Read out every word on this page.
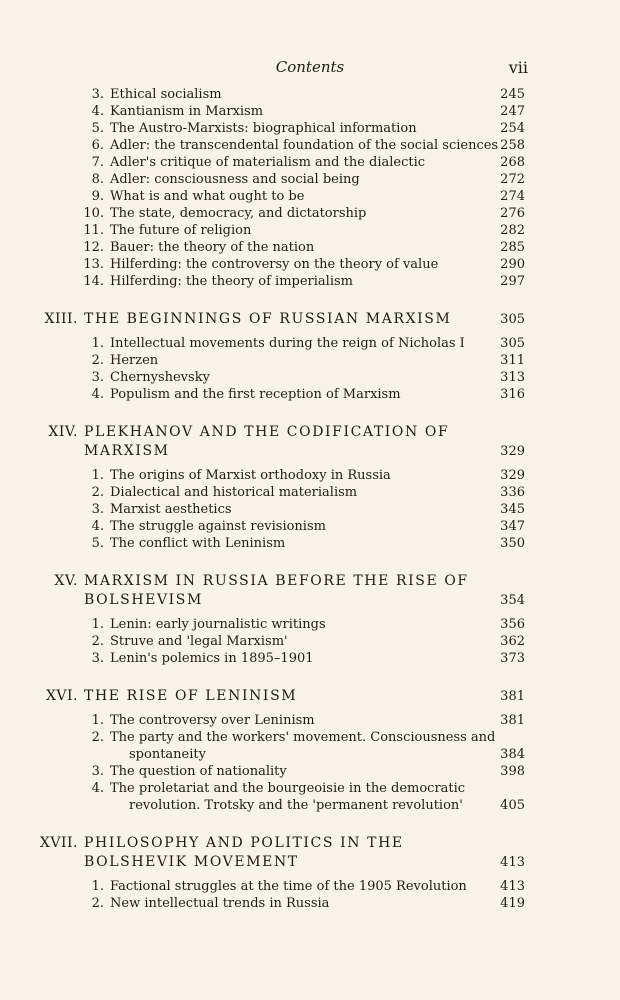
Contents	vii
3. Ethical socialism	245
4. Kantianism in Marxism	247
5. The Austro-Marxists: biographical information	254
6. Adler: the transcendental foundation of the social sciences 258
7. Adler's critique of materialism and the dialectic	268
8. Adler: consciousness and social being	272
9. What is and what ought to be	274
10. The state, democracy, and dictatorship	276
11. The future of religion	282
12. Bauer: the theory of the nation	285
13. Hilferding: the controversy on the theory of value	290
14. Hilferding: the theory of imperialism	297
XIII. THE BEGINNINGS OF RUSSIAN MARXISM	305
1. Intellectual movements during the reign of Nicholas I	305
2. Herzen	311
3. Chernyshevsky	313
4. Populism and the first reception of Marxism	316
XIV. PLEKHANOV AND THE CODIFICATION OF
MARXISM	329
1. The origins of Marxist orthodoxy in Russia	329
2. Dialectical and historical materialism	336
3. Marxist aesthetics	345
4. The struggle against revisionism	347
5. The conflict with Leninism	350
XV. MARXISM IN RUSSIA BEFORE THE RISE OF
BOLSHEVISM	354
1. Lenin: early journalistic writings	356
2. Struve and 'legal Marxism'	362
3. Lenin's polemics in 1895–1901	373
XVI. THE RISE OF LENINISM	381
1. The controversy over Leninism	381
2. The party and the workers' movement. Consciousness and
spontaneity	384
3. The question of nationality	398
4. The proletariat and the bourgeoisie in the democratic
revolution. Trotsky and the 'permanent revolution'	405
XVII. PHILOSOPHY AND POLITICS IN THE
BOLSHEVIK MOVEMENT	413
1. Factional struggles at the time of the 1905 Revolution	413
2. New intellectual trends in Russia	419
